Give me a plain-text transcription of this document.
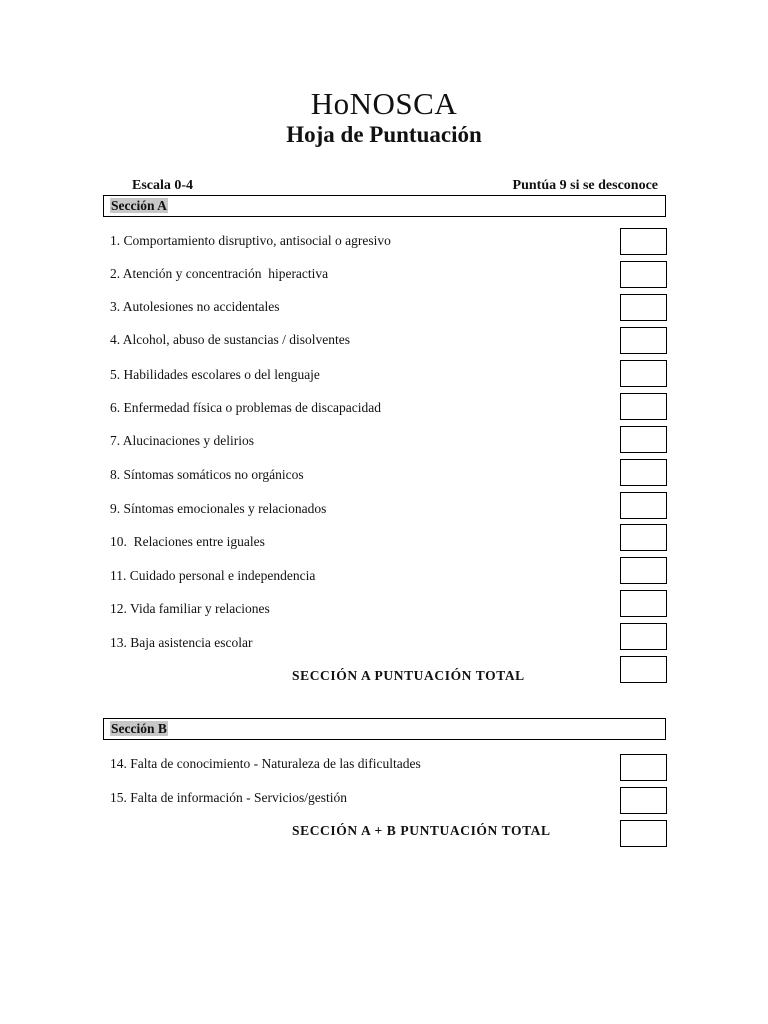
HoNOSCA
Hoja de Puntuación
Escala 0-4	Puntúa 9 si se desconoce
Sección A
1. Comportamiento disruptivo, antisocial o agresivo
2. Atención y concentración  hiperactiva
3. Autolesiones no accidentales
4. Alcohol, abuso de sustancias / disolventes
5. Habilidades escolares o del lenguaje
6. Enfermedad física o problemas de discapacidad
7. Alucinaciones y delirios
8. Síntomas somáticos no orgánicos
9. Síntomas emocionales y relacionados
10.  Relaciones entre iguales
11. Cuidado personal e independencia
12. Vida familiar y relaciones
13. Baja asistencia escolar
SECCIÓN A PUNTUACIÓN TOTAL
Sección B
14. Falta de conocimiento - Naturaleza de las dificultades
15. Falta de información - Servicios/gestión
SECCIÓN A + B PUNTUACIÓN TOTAL
